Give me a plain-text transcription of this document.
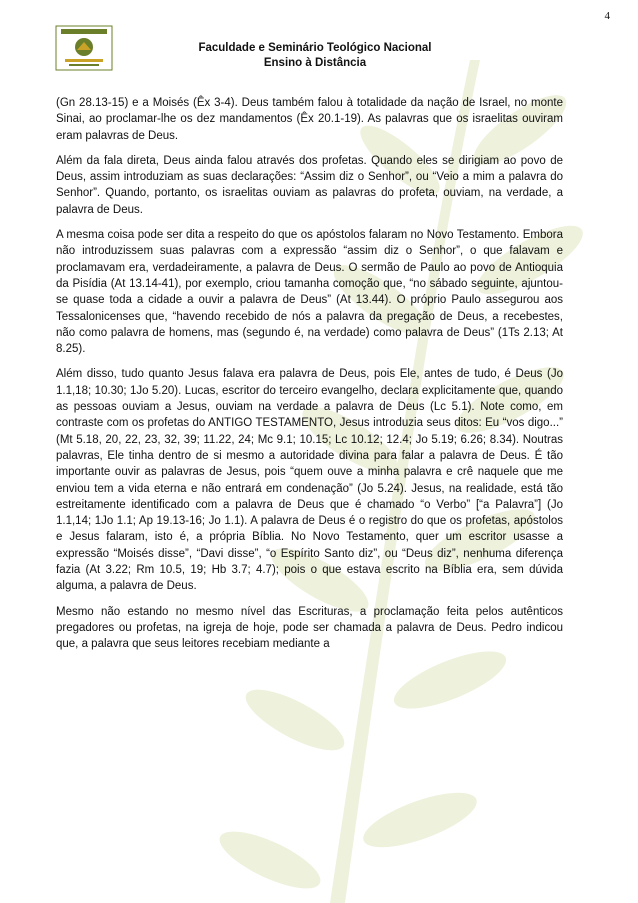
4
Faculdade e Seminário Teológico Nacional
Ensino à Distância

(Gn 28.13-15) e a Moisés (Êx 3-4). Deus também falou à totalidade da nação de Israel, no monte Sinai, ao proclamar-lhe os dez mandamentos (Êx 20.1-19). As palavras que os israelitas ouviram eram palavras de Deus.

Além da fala direta, Deus ainda falou através dos profetas. Quando eles se dirigiam ao povo de Deus, assim introduziam as suas declarações: “Assim diz o Senhor”, ou “Veio a mim a palavra do Senhor”. Quando, portanto, os israelitas ouviam as palavras do profeta, ouviam, na verdade, a palavra de Deus.

A mesma coisa pode ser dita a respeito do que os apóstolos falaram no Novo Testamento. Embora não introduzissem suas palavras com a expressão “assim diz o Senhor”, o que falavam e proclamavam era, verdadeiramente, a palavra de Deus. O sermão de Paulo ao povo de Antioquia da Pisídia (At 13.14-41), por exemplo, criou tamanha comoção que, “no sábado seguinte, ajuntou-se quase toda a cidade a ouvir a palavra de Deus” (At 13.44). O próprio Paulo assegurou aos Tessalonicenses que, “havendo recebido de nós a palavra da pregação de Deus, a recebestes, não como palavra de homens, mas (segundo é, na verdade) como palavra de Deus” (1Ts 2.13; At 8.25).

Além disso, tudo quanto Jesus falava era palavra de Deus, pois Ele, antes de tudo, é Deus (Jo 1.1,18; 10.30; 1Jo 5.20). Lucas, escritor do terceiro evangelho, declara explicitamente que, quando as pessoas ouviam a Jesus, ouviam na verdade a palavra de Deus (Lc 5.1). Note como, em contraste com os profetas do ANTIGO TESTAMENTO, Jesus introduzia seus ditos: Eu “vos digo...” (Mt 5.18, 20, 22, 23, 32, 39; 11.22, 24; Mc 9.1; 10.15; Lc 10.12; 12.4; Jo 5.19; 6.26; 8.34). Noutras palavras, Ele tinha dentro de si mesmo a autoridade divina para falar a palavra de Deus. É tão importante ouvir as palavras de Jesus, pois “quem ouve a minha palavra e crê naquele que me enviou tem a vida eterna e não entrará em condenação” (Jo 5.24). Jesus, na realidade, está tão estreitamente identificado com a palavra de Deus que é chamado “o Verbo” [“a Palavra”] (Jo 1.1,14; 1Jo 1.1; Ap 19.13-16; Jo 1.1). A palavra de Deus é o registro do que os profetas, apóstolos e Jesus falaram, isto é, a própria Bíblia. No Novo Testamento, quer um escritor usasse a expressão “Moisés disse”, “Davi disse”, “o Espírito Santo diz”, ou “Deus diz”, nenhuma diferença fazia (At 3.22; Rm 10.5, 19; Hb 3.7; 4.7); pois o que estava escrito na Bíblia era, sem dúvida alguma, a palavra de Deus.

Mesmo não estando no mesmo nível das Escrituras, a proclamação feita pelos autênticos pregadores ou profetas, na igreja de hoje, pode ser chamada a palavra de Deus. Pedro indicou que, a palavra que seus leitores recebiam mediante a
